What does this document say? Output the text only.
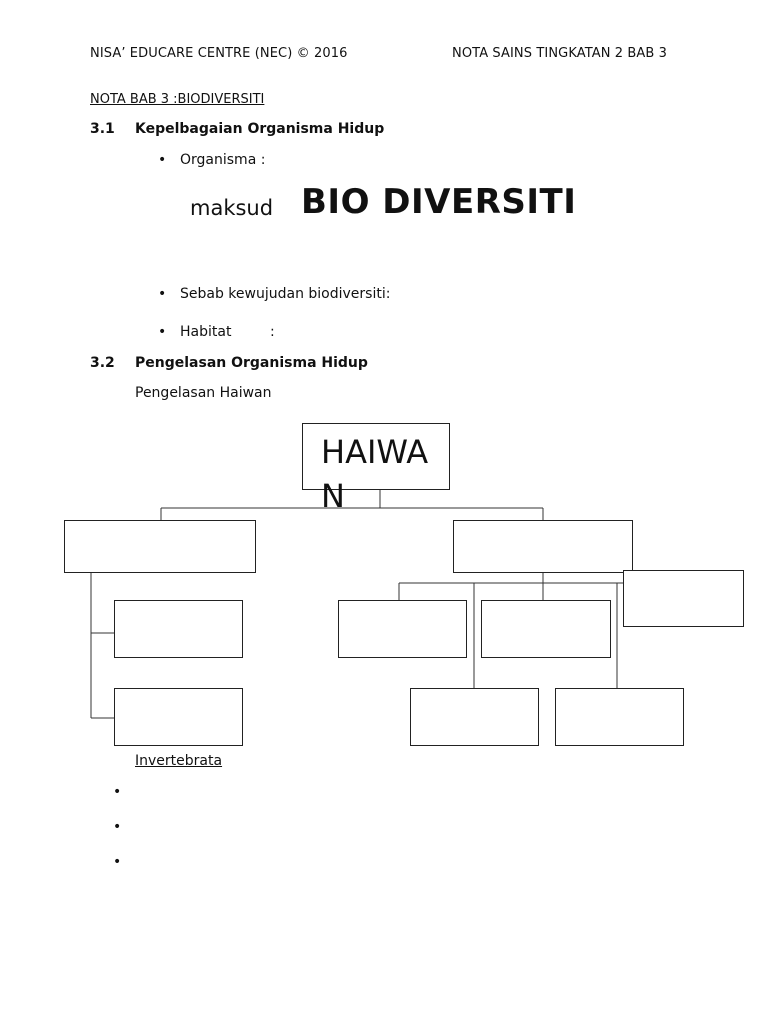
NISA’ EDUCARE CENTRE (NEC) © 2016	NOTA SAINS TINGKATAN 2 BAB 3
NOTA BAB 3 :BIODIVERSITI
3.1 Kepelbagaian Organisma Hidup
• Organisma :
maksud BIO DIVERSITI
• Sebab kewujudan biodiversiti:
• Habitat	:
3.2 Pengelasan Organisma Hidup
Pengelasan Haiwan
HAIWAN
Invertebrata
•
•
•
